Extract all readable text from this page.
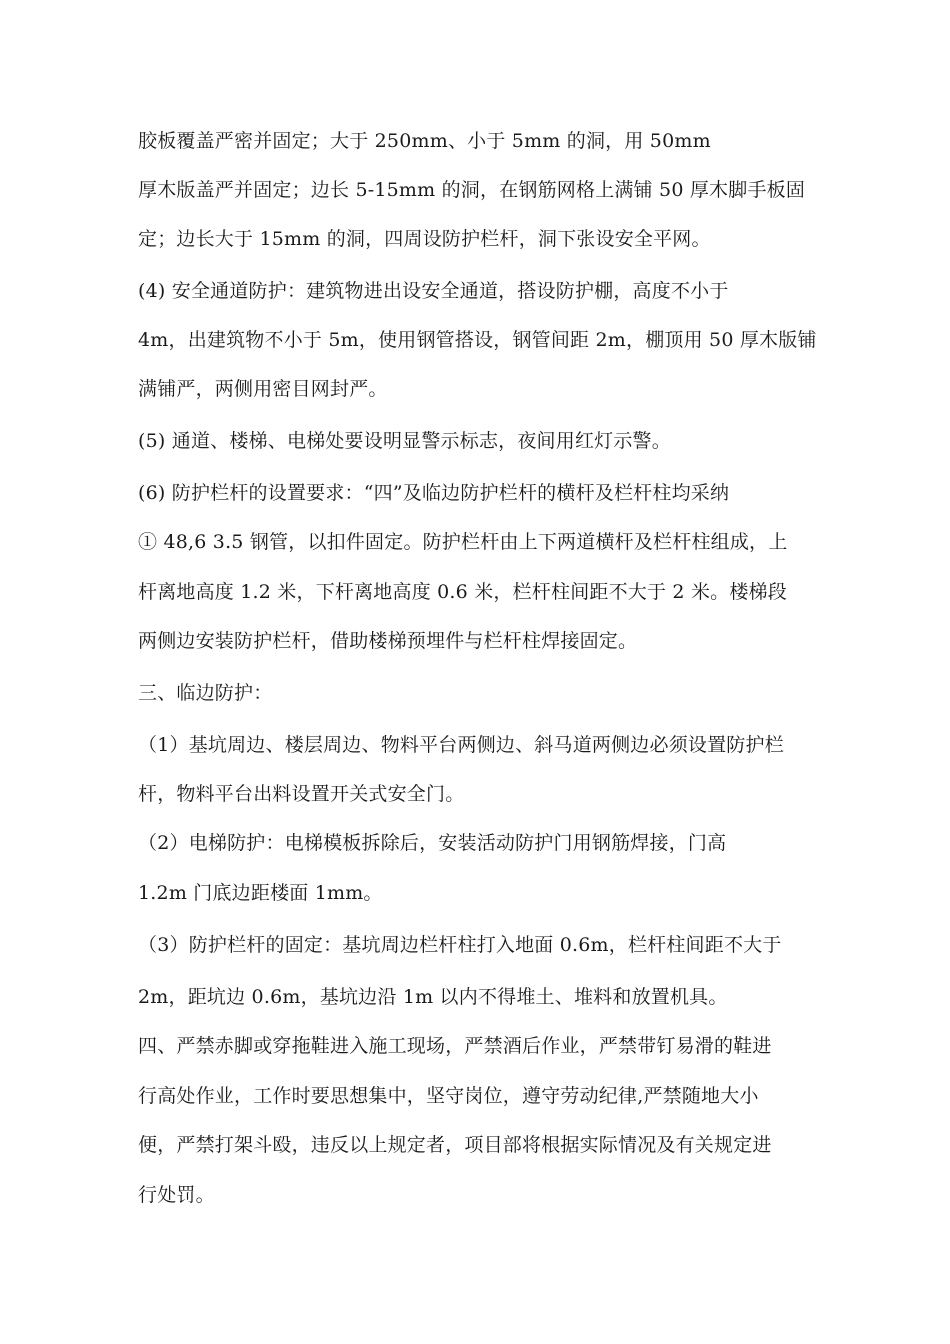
胶板覆盖严密并固定；大于 250mm、小于 5mm 的洞，用 50mm
厚木版盖严并固定；边长 5-15mm 的洞，在钢筋网格上满铺 50 厚木脚手板固
定；边长大于 15mm 的洞，四周设防护栏杆，洞下张设安全平网。
(4) 安全通道防护：建筑物进出设安全通道，搭设防护棚，高度不小于
4m，出建筑物不小于 5m，使用钢管搭设，钢管间距 2m，棚顶用 50 厚木版铺
满铺严，两侧用密目网封严。
(5) 通道、楼梯、电梯处要设明显警示标志，夜间用红灯示警。
(6) 防护栏杆的设置要求：“四”及临边防护栏杆的横杆及栏杆柱均采纳
① 48,6 3.5 钢管，以扣件固定。防护栏杆由上下两道横杆及栏杆柱组成，上
杆离地高度 1.2 米，下杆离地高度 0.6 米，栏杆柱间距不大于 2 米。楼梯段
两侧边安装防护栏杆，借助楼梯预埋件与栏杆柱焊接固定。
三、临边防护：
（1）基坑周边、楼层周边、物料平台两侧边、斜马道两侧边必须设置防护栏
杆，物料平台出料设置开关式安全门。
（2）电梯防护：电梯模板拆除后，安装活动防护门用钢筋焊接，门高
1.2m 门底边距楼面 1mm。
（3）防护栏杆的固定：基坑周边栏杆柱打入地面 0.6m，栏杆柱间距不大于
2m，距坑边 0.6m，基坑边沿 1m 以内不得堆土、堆料和放置机具。
四、严禁赤脚或穿拖鞋进入施工现场，严禁酒后作业，严禁带钉易滑的鞋进
行高处作业，工作时要思想集中，坚守岗位，遵守劳动纪律,严禁随地大小
便，严禁打架斗殴，违反以上规定者，项目部将根据实际情况及有关规定进
行处罚。
